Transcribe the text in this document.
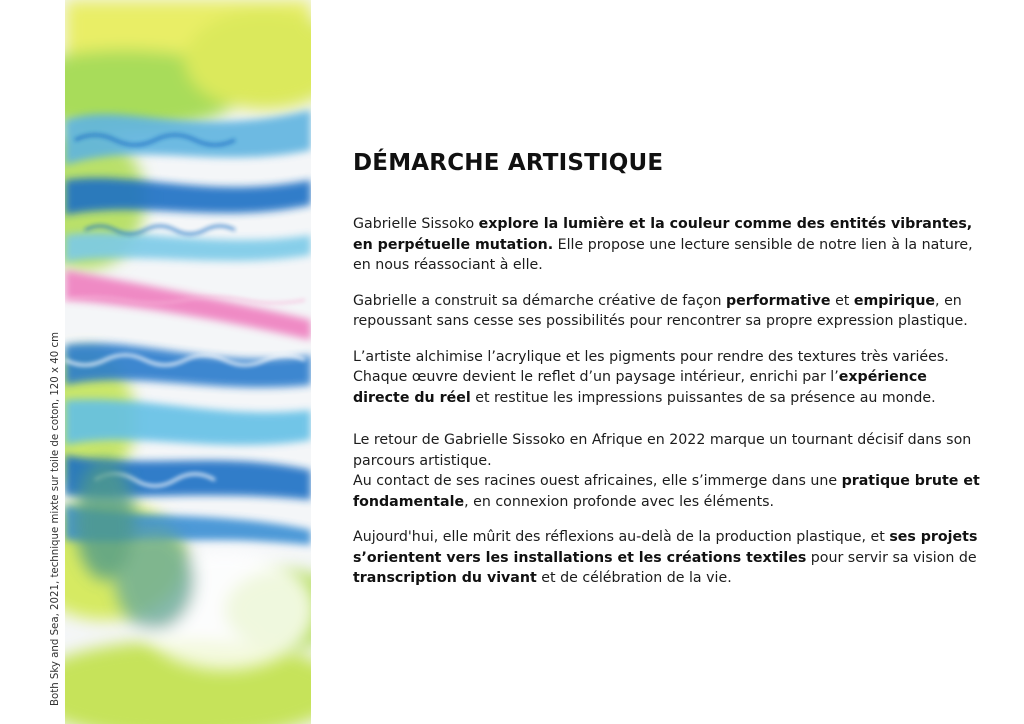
Both Sky and Sea, 2021, technique mixte sur toile de coton, 120 x 40 cm
DÉMARCHE ARTISTIQUE

Gabrielle Sissoko explore la lumière et la couleur comme des entités vibrantes, en perpétuelle mutation. Elle propose une lecture sensible de notre lien à la nature, en nous réassociant à elle.

Gabrielle a construit sa démarche créative de façon performative et empirique, en repoussant sans cesse ses possibilités pour rencontrer sa propre expression plastique.

L’artiste alchimise l’acrylique et les pigments pour rendre des textures très variées. Chaque œuvre devient le reflet d’un paysage intérieur, enrichi par l’expérience directe du réel et restitue les impressions puissantes de sa présence au monde.

Le retour de Gabrielle Sissoko en Afrique en 2022 marque un tournant décisif dans son parcours artistique.
Au contact de ses racines ouest africaines, elle s’immerge dans une pratique brute et fondamentale, en connexion profonde avec les éléments.

Aujourd'hui, elle mûrit des réflexions au-delà de la production plastique, et ses projets s’orientent vers les installations et les créations textiles pour servir sa vision de transcription du vivant et de célébration de la vie.
